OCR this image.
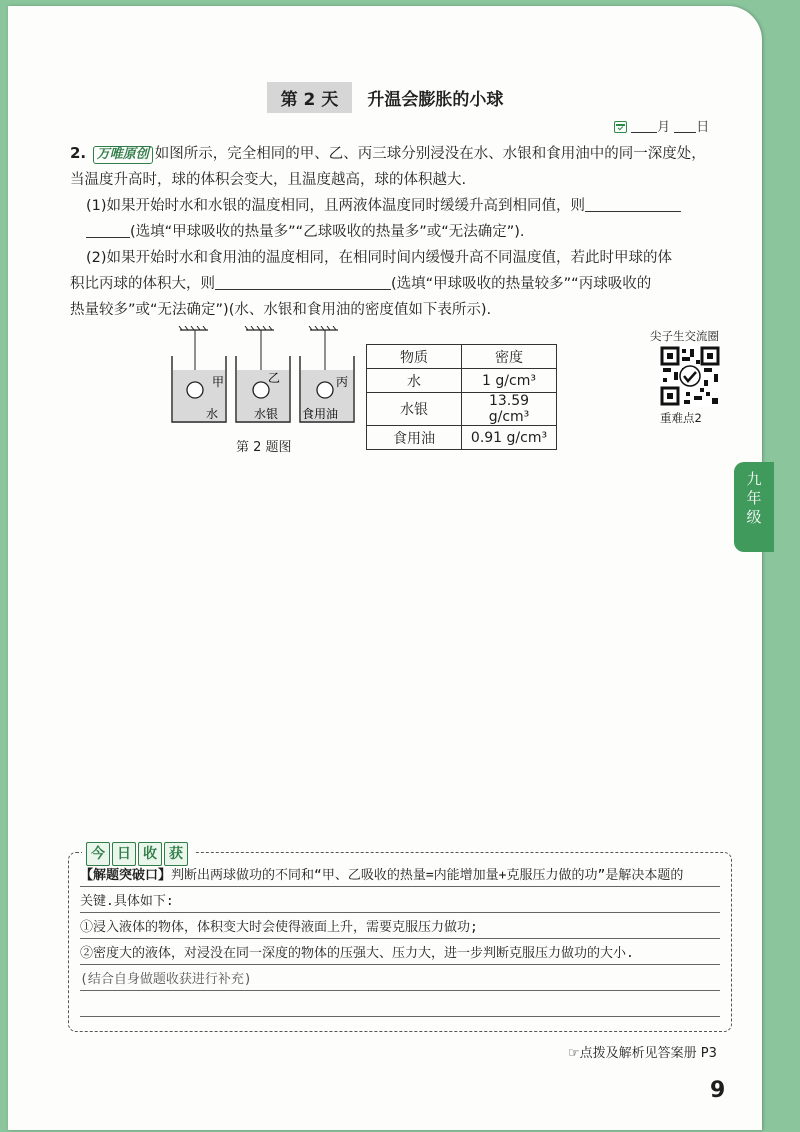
第 2 天 升温会膨胀的小球
月 日
2. 万唯原创 如图所示，完全相同的甲、乙、丙三球分别浸没在水、水银和食用油中的同一深度处，
当温度升高时，球的体积会变大，且温度越高，球的体积越大.
(1)如果开始时水和水银的温度相同，且两液体温度同时缓缓升高到相同值，则
(选填“甲球吸收的热量多”“乙球吸收的热量多”或“无法确定”).
(2)如果开始时水和食用油的温度相同，在相同时间内缓慢升高不同温度值，若此时甲球的体
积比丙球的体积大，则	(选填“甲球吸收的热量较多”“丙球吸收的
热量较多”或“无法确定”)(水、水银和食用油的密度值如下表所示).
甲
水
乙
水银
丙
食用油
第 2 题图
物质	密度
水	1 g/cm³
水银	13.59 g/cm³
食用油	0.91 g/cm³
尖子生交流圈
重难点2
今 日 收 获
【解题突破口】判断出两球做功的不同和“甲、乙吸收的热量=内能增加量+克服压力做的功”是解决本题的
关键.具体如下:
①浸入液体的物体，体积变大时会使得液面上升，需要克服压力做功;
②密度大的液体，对浸没在同一深度的物体的压强大、压力大，进一步判断克服压力做功的大小.
(结合自身做题收获进行补充)
☞点拨及解析见答案册 P3
9
九
年
级
